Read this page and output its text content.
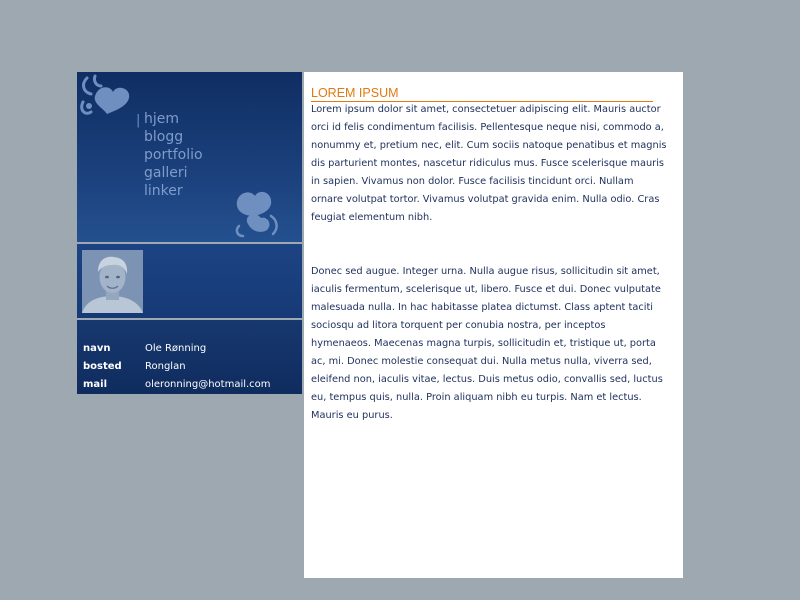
| hjem
blogg
portfolio
galleri
linker
navn	Ole Rønning
bosted	Ronglan
mail	oleronning@hotmail.com
LOREM IPSUM

Lorem ipsum dolor sit amet, consectetuer adipiscing elit. Mauris auctor orci id felis condimentum facilisis. Pellentesque neque nisi, commodo a, nonummy et, pretium nec, elit. Cum sociis natoque penatibus et magnis dis parturient montes, nascetur ridiculus mus. Fusce scelerisque mauris in sapien. Vivamus non dolor. Fusce facilisis tincidunt orci. Nullam ornare volutpat tortor. Vivamus volutpat gravida enim. Nulla odio. Cras feugiat elementum nibh.

Donec sed augue. Integer urna. Nulla augue risus, sollicitudin sit amet, iaculis fermentum, scelerisque ut, libero. Fusce et dui. Donec vulputate malesuada nulla. In hac habitasse platea dictumst. Class aptent taciti sociosqu ad litora torquent per conubia nostra, per inceptos hymenaeos. Maecenas magna turpis, sollicitudin et, tristique ut, porta ac, mi. Donec molestie consequat dui. Nulla metus nulla, viverra sed, eleifend non, iaculis vitae, lectus. Duis metus odio, convallis sed, luctus eu, tempus quis, nulla. Proin aliquam nibh eu turpis. Nam et lectus. Mauris eu purus.
